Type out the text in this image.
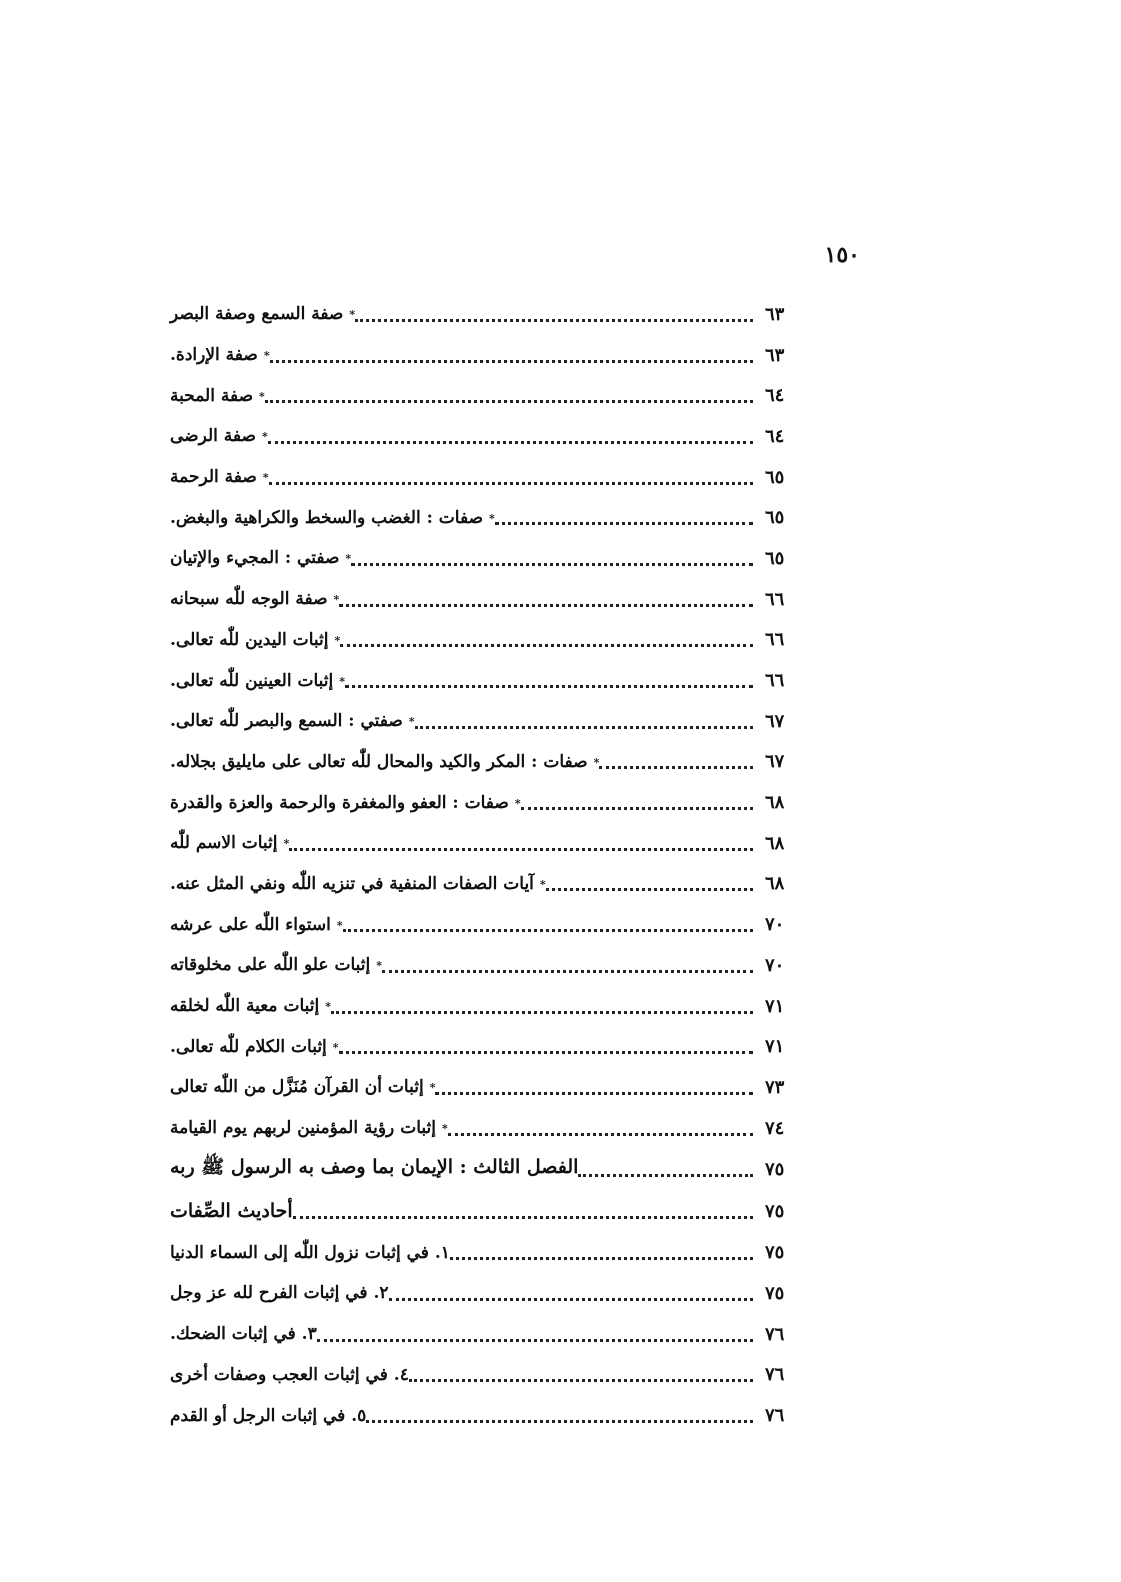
١٥٠
*صفة السمع وصفة البصر	٦٣
*صفة الإرادة.	٦٣
*صفة المحبة	٦٤
*صفة الرضى	٦٤
*صفة الرحمة	٦٥
*صفات : الغضب والسخط والكراهية والبغض.	٦٥
*صفتي : المجيء والإتيان	٦٥
*صفة الوجه للّٰه سبحانه	٦٦
*إثبات اليدين للّٰه تعالى.	٦٦
*إثبات العينين للّٰه تعالى.	٦٦
*صفتي : السمع والبصر للّٰه تعالى.	٦٧
*صفات : المكر والكيد والمحال للّٰه تعالى على مايليق بجلاله.	٦٧
*صفات : العفو والمغفرة والرحمة والعزة والقدرة	٦٨
*إثبات الاسم للّٰه	٦٨
*آيات الصفات المنفية في تنزيه اللّٰه ونفي المثل عنه.	٦٨
*استواء اللّٰه على عرشه	٧٠
*إثبات علو اللّٰه على مخلوقاته	٧٠
*إثبات معية اللّٰه لخلقه	٧١
*إثبات الكلام للّٰه تعالى.	٧١
*إثبات أن القرآن مُنَزَّل من اللّٰه تعالى	٧٣
*إثبات رؤية المؤمنين لربهم يوم القيامة	٧٤
الفصل الثالث : الإيمان بما وصف به الرسول ﷺ ربه	٧٥
أحاديث الصِّفات	٧٥
١. في إثبات نزول اللّٰه إلى السماء الدنيا	٧٥
٢. في إثبات الفرح لله عز وجل	٧٥
٣. في إثبات الضحك.	٧٦
٤. في إثبات العجب وصفات أخرى	٧٦
٥. في إثبات الرجل أو القدم	٧٦
